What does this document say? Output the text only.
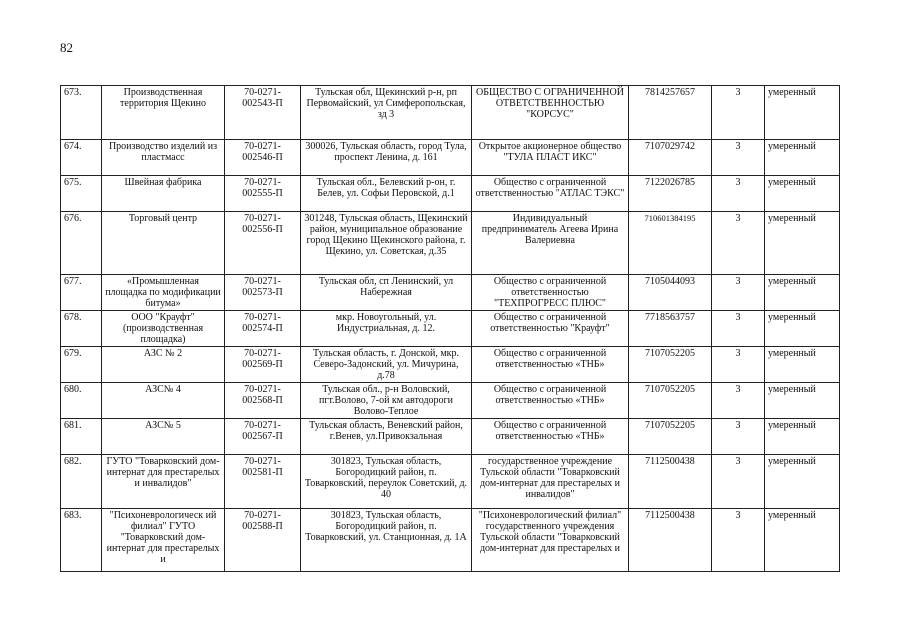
82
673.	Производственная территория Щекино	70-0271-002543-П	Тульская обл, Щекинский р-н, рп Первомайский, ул Симферопольская, зд 3	ОБЩЕСТВО С ОГРАНИЧЕННОЙ ОТВЕТСТВЕННОСТЬЮ "КОРСУС"	7814257657	3	умеренный
674.	Производство изделий из пластмасс	70-0271-002546-П	300026, Тульская область, город Тула, проспект Ленина, д. 161	Открытое акционерное общество "ТУЛА ПЛАСТ ИКС"	7107029742	3	умеренный
675.	Швейная фабрика	70-0271-002555-П	Тульская обл., Белевский р-он, г. Белев, ул. Софьи Перовской, д.1	Общество с ограниченной ответственностью "АТЛАС ТЭКС"	7122026785	3	умеренный
676.	Торговый центр	70-0271-002556-П	301248, Тульская область, Щекинский район, муниципальное образование город Щекино Щекинского района, г. Щекино, ул. Советская, д.35	Индивидуальный предприниматель Агеева Ирина Валериевна	710601384195	3	умеренный
677.	«Промышленная площадка по модификации битума»	70-0271-002573-П	Тульская обл, сп Ленинский, ул Набережная	Общество с ограниченной ответственностью "ТЕХПРОГРЕСС ПЛЮС"	7105044093	3	умеренный
678.	ООО "Крауфт" (производственная площадка)	70-0271-002574-П	мкр. Новоугольный, ул. Индустриальная, д. 12.	Общество с ограниченной ответственностью "Крауфт"	7718563757	3	умеренный
679.	АЗС № 2	70-0271-002569-П	Тульская область, г. Донской, мкр. Северо-Задонский, ул. Мичурина, д.78	Общество с ограниченной ответственностью «ТНБ»	7107052205	3	умеренный
680.	АЗС№ 4	70-0271-002568-П	Тульская обл., р-н Воловский, пгт.Волово, 7-ой км автодороги Волово-Теплое	Общество с ограниченной ответственностью «ТНБ»	7107052205	3	умеренный
681.	АЗС№ 5	70-0271-002567-П	Тульская область, Веневский район, г.Венев, ул.Привокзальная	Общество с ограниченной ответственностью «ТНБ»	7107052205	3	умеренный
682.	ГУТО "Товарковский дом-интернат для престарелых и инвалидов"	70-0271-002581-П	301823, Тульская область, Богородицкий район, п. Товарковский, переулок Советский, д. 40	государственное учреждение Тульской области "Товарковский дом-интернат для престарелых и инвалидов"	7112500438	3	умеренный
683.	"Психоневрологическ ий филиал" ГУТО "Товарковский дом-интернат для престарелых и	70-0271-002588-П	301823, Тульская область, Богородицкий район, п. Товарковский, ул. Станционная, д. 1А	"Психоневрологический филиал" государственного учреждения Тульской области "Товарковский дом-интернат для престарелых и	7112500438	3	умеренный
